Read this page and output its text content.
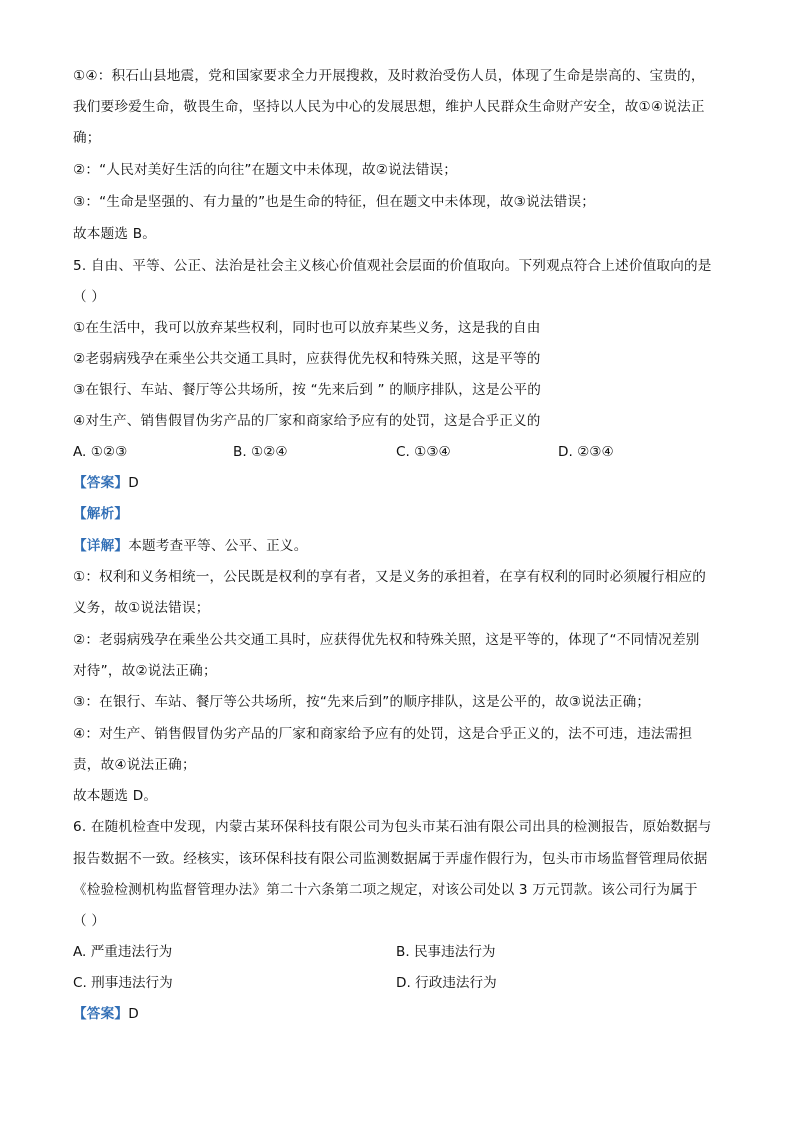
①④：积石山县地震，党和国家要求全力开展搜救，及时救治受伤人员，体现了生命是崇高的、宝贵的，
我们要珍爱生命，敬畏生命，坚持以人民为中心的发展思想，维护人民群众生命财产安全，故①④说法正
确；
②：“人民对美好生活的向往”在题文中未体现，故②说法错误；
③：“生命是坚强的、有力量的”也是生命的特征，但在题文中未体现，故③说法错误；
故本题选 B。
5. 自由、平等、公正、法治是社会主义核心价值观社会层面的价值取向。下列观点符合上述价值取向的是
（ ）
①在生活中，我可以放弃某些权利，同时也可以放弃某些义务，这是我的自由
②老弱病残孕在乘坐公共交通工具时，应获得优先权和特殊关照，这是平等的
③在银行、车站、餐厅等公共场所，按 “先来后到 ” 的顺序排队，这是公平的
④对生产、销售假冒伪劣产品的厂家和商家给予应有的处罚，这是合乎正义的
A. ①②③	B. ①②④	C. ①③④	D. ②③④
【答案】D
【解析】
【详解】本题考查平等、公平、正义。
①：权利和义务相统一，公民既是权利的享有者，又是义务的承担着，在享有权利的同时必须履行相应的
义务，故①说法错误；
②：老弱病残孕在乘坐公共交通工具时，应获得优先权和特殊关照，这是平等的，体现了“不同情况差别
对待”，故②说法正确；
③：在银行、车站、餐厅等公共场所，按“先来后到”的顺序排队，这是公平的，故③说法正确；
④：对生产、销售假冒伪劣产品的厂家和商家给予应有的处罚，这是合乎正义的，法不可违，违法需担
责，故④说法正确；
故本题选 D。
6. 在随机检查中发现，内蒙古某环保科技有限公司为包头市某石油有限公司出具的检测报告，原始数据与
报告数据不一致。经核实，该环保科技有限公司监测数据属于弄虚作假行为，包头市市场监督管理局依据
《检验检测机构监督管理办法》第二十六条第二项之规定，对该公司处以 3 万元罚款。该公司行为属于
（ ）
A. 严重违法行为	B. 民事违法行为
C. 刑事违法行为	D. 行政违法行为
【答案】D
